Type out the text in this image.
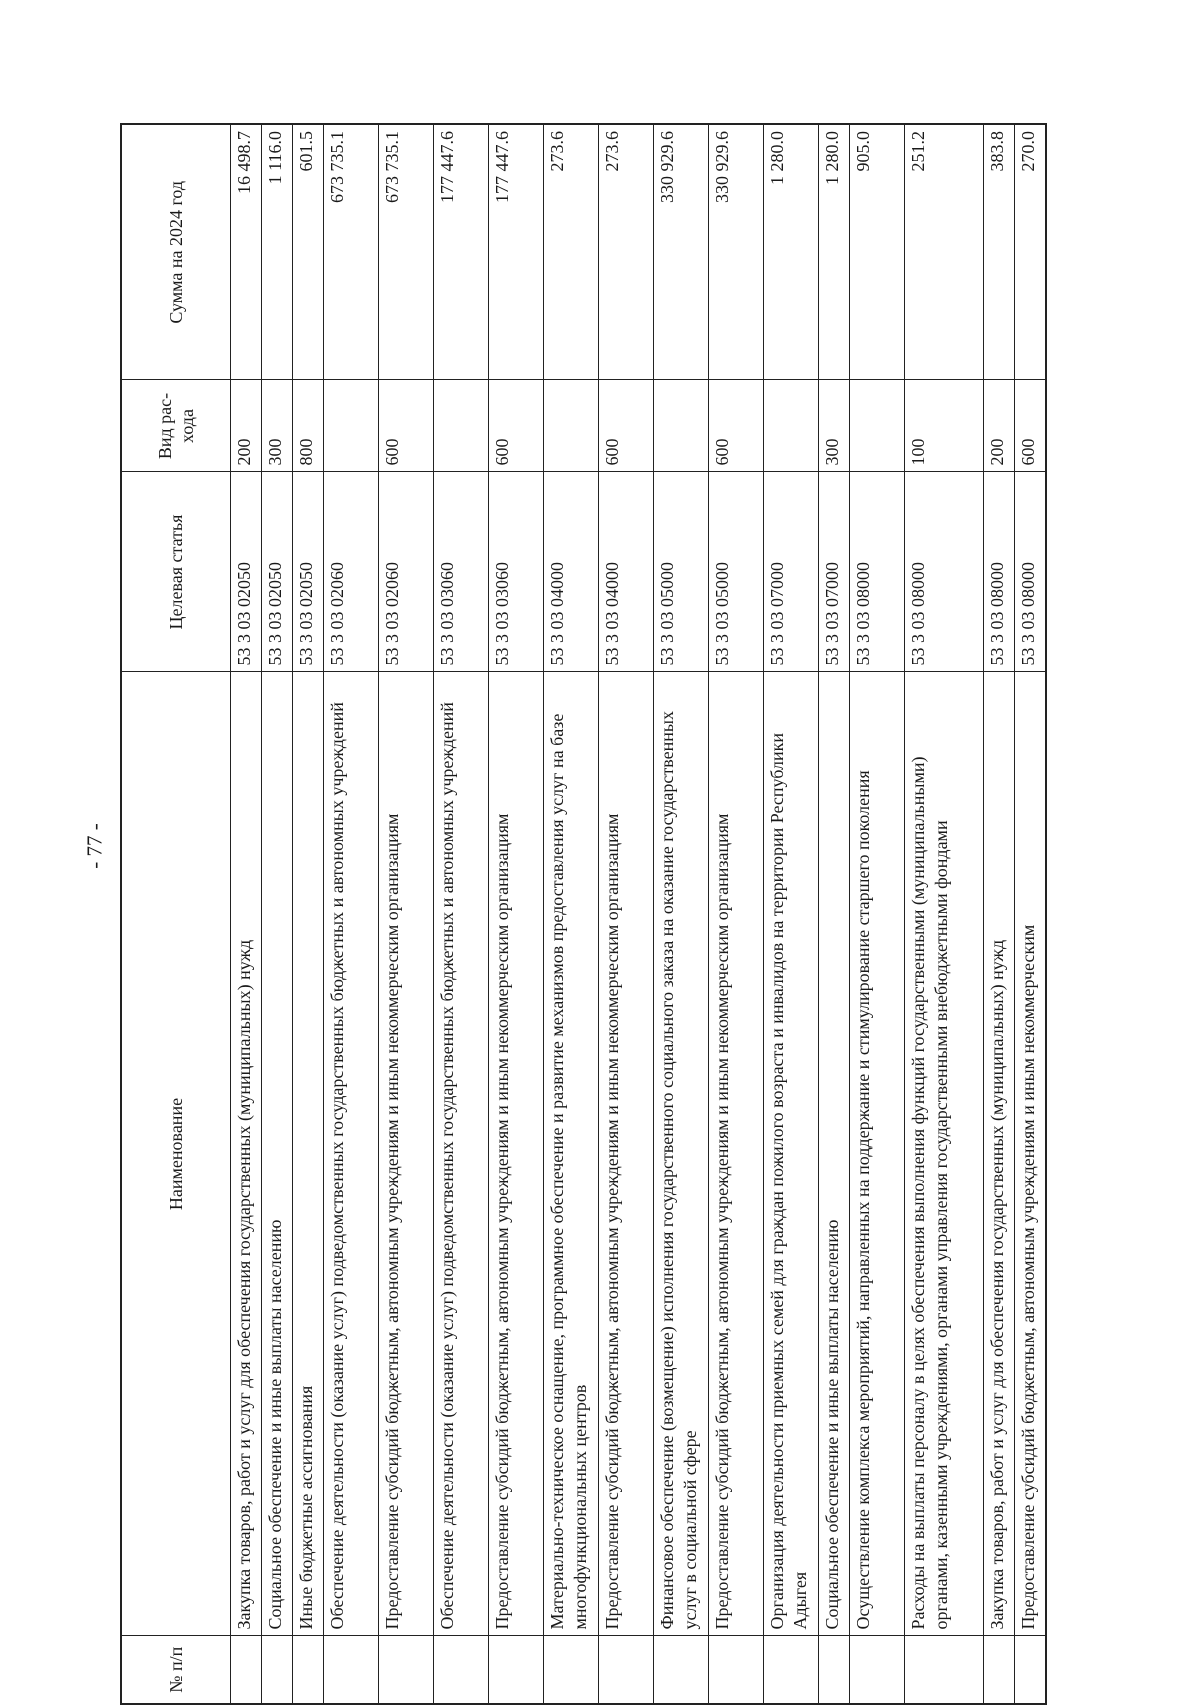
- 77 -
№ п/п	Наименование	Целевая статья	Вид рас-хода	Сумма на 2024 год
	Закупка товаров, работ и услуг для обеспечения государственных (муниципальных) нужд	53 3 03 02050	200	16 498.7
	Социальное обеспечение и иные выплаты населению	53 3 03 02050	300	1 116.0
	Иные бюджетные ассигнования	53 3 03 02050	800	601.5
	Обеспечение деятельности (оказание услуг) подведомственных государственных бюджетных и автономных учреждений	53 3 03 02060		673 735.1
	Предоставление субсидий бюджетным, автономным учреждениям и иным некоммерческим организациям	53 3 03 02060	600	673 735.1
	Обеспечение деятельности (оказание услуг) подведомственных государственных бюджетных и автономных учреждений	53 3 03 03060		177 447.6
	Предоставление субсидий бюджетным, автономным учреждениям и иным некоммерческим организациям	53 3 03 03060	600	177 447.6
	Материально-техническое оснащение, программное обеспечение и развитие механизмов предоставления услуг на базе многофункциональных центров	53 3 03 04000		273.6
	Предоставление субсидий бюджетным, автономным учреждениям и иным некоммерческим организациям	53 3 03 04000	600	273.6
	Финансовое обеспечение (возмещение) исполнения государственного социального заказа на оказание государственных услуг в социальной сфере	53 3 03 05000		330 929.6
	Предоставление субсидий бюджетным, автономным учреждениям и иным некоммерческим организациям	53 3 03 05000	600	330 929.6
	Организация деятельности приемных семей для граждан пожилого возраста и инвалидов на территории Республики Адыгея	53 3 03 07000		1 280.0
	Социальное обеспечение и иные выплаты населению	53 3 03 07000	300	1 280.0
	Осуществление комплекса мероприятий, направленных на поддержание и стимулирование старшего поколения	53 3 03 08000		905.0
	Расходы на выплаты персоналу в целях обеспечения выполнения функций государственными (муниципальными) органами, казенными учреждениями, органами управления государственными внебюджетными фондами	53 3 03 08000	100	251.2
	Закупка товаров, работ и услуг для обеспечения государственных (муниципальных) нужд	53 3 03 08000	200	383.8
	Предоставление субсидий бюджетным, автономным учреждениям и иным некоммерческим	53 3 03 08000	600	270.0
